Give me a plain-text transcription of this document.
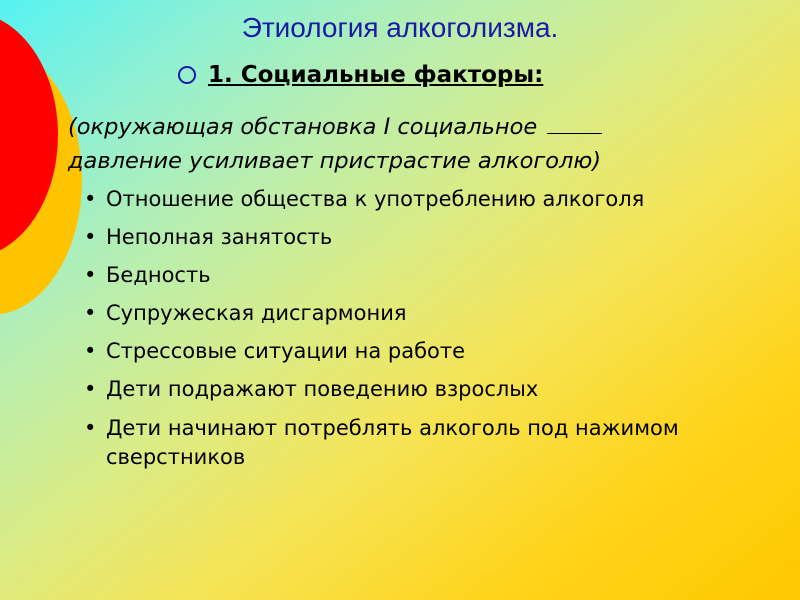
Этиология алкоголизма.
1. Социальные факторы:
(окружающая обстановка I социальное
давление усиливает пристрастие алкоголю)
• Отношение общества к употреблению алкоголя
• Неполная занятость
• Бедность
• Супружеская дисгармония
• Стрессовые ситуации на работе
• Дети подражают поведению взрослых
• Дети начинают потреблять алкоголь под нажимом сверстников
